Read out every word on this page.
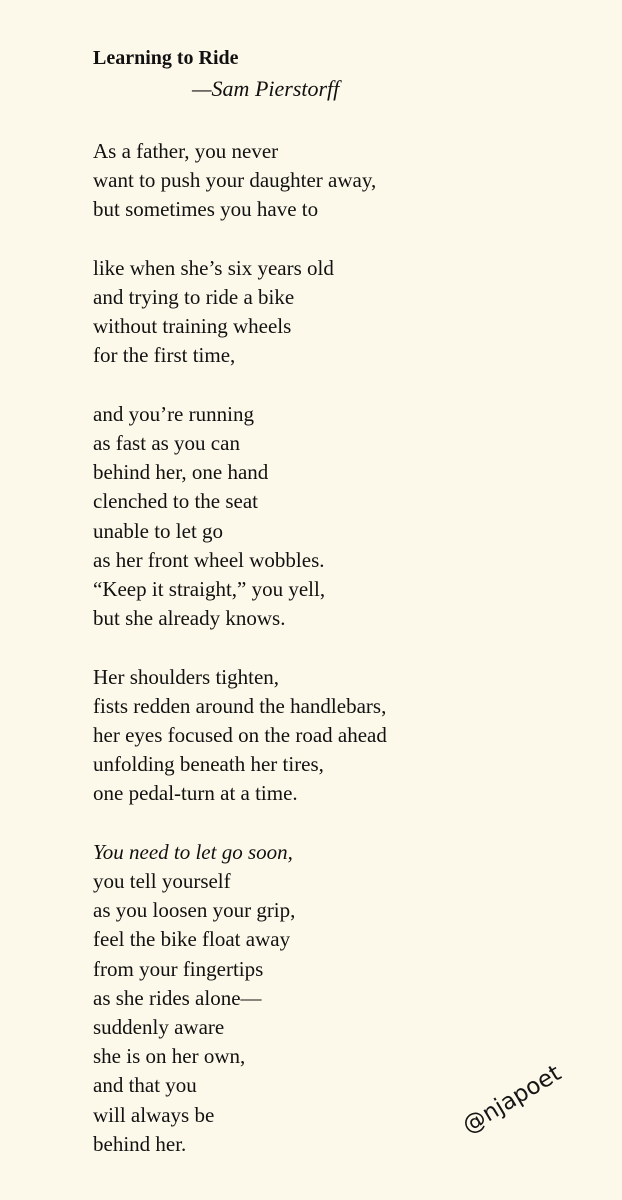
Learning to Ride
—Sam Pierstorff
As a father, you never
want to push your daughter away,
but sometimes you have to
like when she’s six years old
and trying to ride a bike
without training wheels
for the first time,
and you’re running
as fast as you can
behind her, one hand
clenched to the seat
unable to let go
as her front wheel wobbles.
“Keep it straight,” you yell,
but she already knows.
Her shoulders tighten,
fists redden around the handlebars,
her eyes focused on the road ahead
unfolding beneath her tires,
one pedal-turn at a time.
You need to let go soon,
you tell yourself
as you loosen your grip,
feel the bike float away
from your fingertips
as she rides alone—
suddenly aware
she is on her own,
and that you
will always be
behind her.
@njapoet
